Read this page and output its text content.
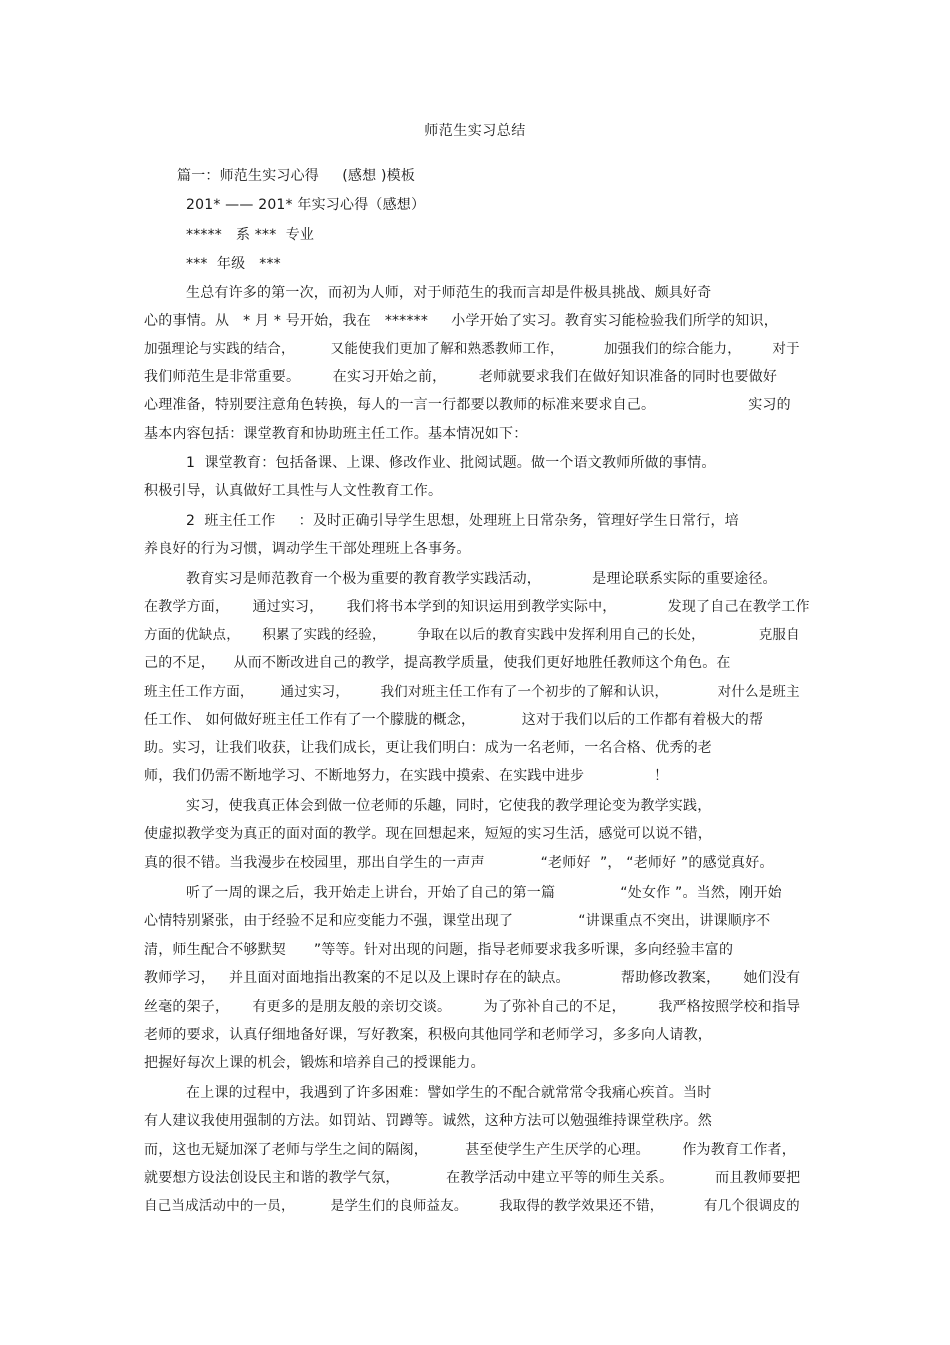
师范生实习总结
篇一：师范生实习心得     (感想 )模板
201* —— 201* 年实习心得（感想）
*****   系 ***  专业
***  年级   ***
生总有许多的第一次，而初为人师，对于师范生的我而言却是件极具挑战、颇具好奇
心的事情。从   * 月 * 号开始，我在   ******     小学开始了实习。教育实习能检验我们所学的知识，
加强理论与实践的结合，        又能使我们更加了解和熟悉教师工作，         加强我们的综合能力，       对于
我们师范生是非常重要。       在实习开始之前，       老师就要求我们在做好知识准备的同时也要做好
心理准备，特别要注意角色转换，每人的一言一行都要以教师的标准来要求自己。                    实习的
基本内容包括：课堂教育和协助班主任工作。基本情况如下：
1  课堂教育：包括备课、上课、修改作业、批阅试题。做一个语文教师所做的事情。
积极引导，认真做好工具性与人文性教育工作。
2  班主任工作     ：及时正确引导学生思想，处理班上日常杂务，管理好学生日常行，培
养良好的行为习惯，调动学生干部处理班上各事务。
教育实习是师范教育一个极为重要的教育教学实践活动，           是理论联系实际的重要途径。
在教学方面，     通过实习，     我们将书本学到的知识运用到教学实际中，           发现了自己在教学工作
方面的优缺点，     积累了实践的经验，       争取在以后的教育实践中发挥利用自己的长处，            克服自
己的不足，    从而不断改进自己的教学，提高教学质量，使我们更好地胜任教师这个角色。在
班主任工作方面，      通过实习，       我们对班主任工作有了一个初步的了解和认识，           对什么是班主
任工作、 如何做好班主任工作有了一个朦胧的概念，          这对于我们以后的工作都有着极大的帮
助。实习，让我们收获，让我们成长，更让我们明白：成为一名老师，一名合格、优秀的老
师，我们仍需不断地学习、不断地努力，在实践中摸索、在实践中进步               ！
实习，使我真正体会到做一位老师的乐趣，同时，它使我的教学理论变为教学实践，
使虚拟教学变为真正的面对面的教学。现在回想起来，短短的实习生活，感觉可以说不错，
真的很不错。当我漫步在校园里，那出自学生的一声声            “老师好  ”， “老师好 ”的感觉真好。
听了一周的课之后，我开始走上讲台，开始了自己的第一篇              “处女作 ”。当然，刚开始
心情特别紧张，由于经验不足和应变能力不强，课堂出现了              “讲课重点不突出，讲课顺序不
清，师生配合不够默契      ”等等。针对出现的问题，指导老师要求我多听课，多向经验丰富的
教师学习，   并且面对面地指出教案的不足以及上课时存在的缺点。           帮助修改教案，     她们没有
丝毫的架子，     有更多的是朋友般的亲切交谈。       为了弥补自己的不足，       我严格按照学校和指导
老师的要求，认真仔细地备好课，写好教案，积极向其他同学和老师学习，多多向人请教，
把握好每次上课的机会，锻炼和培养自己的授课能力。
在上课的过程中，我遇到了许多困难：譬如学生的不配合就常常令我痛心疾首。当时
有人建议我使用强制的方法。如罚站、罚蹲等。诚然，这种方法可以勉强维持课堂秩序。然
而，这也无疑加深了老师与学生之间的隔阂，        甚至使学生产生厌学的心理。       作为教育工作者，
就要想方设法创设民主和谐的教学气氛，          在教学活动中建立平等的师生关系。         而且教师要把
自己当成活动中的一员，        是学生们的良师益友。       我取得的教学效果还不错，         有几个很调皮的
